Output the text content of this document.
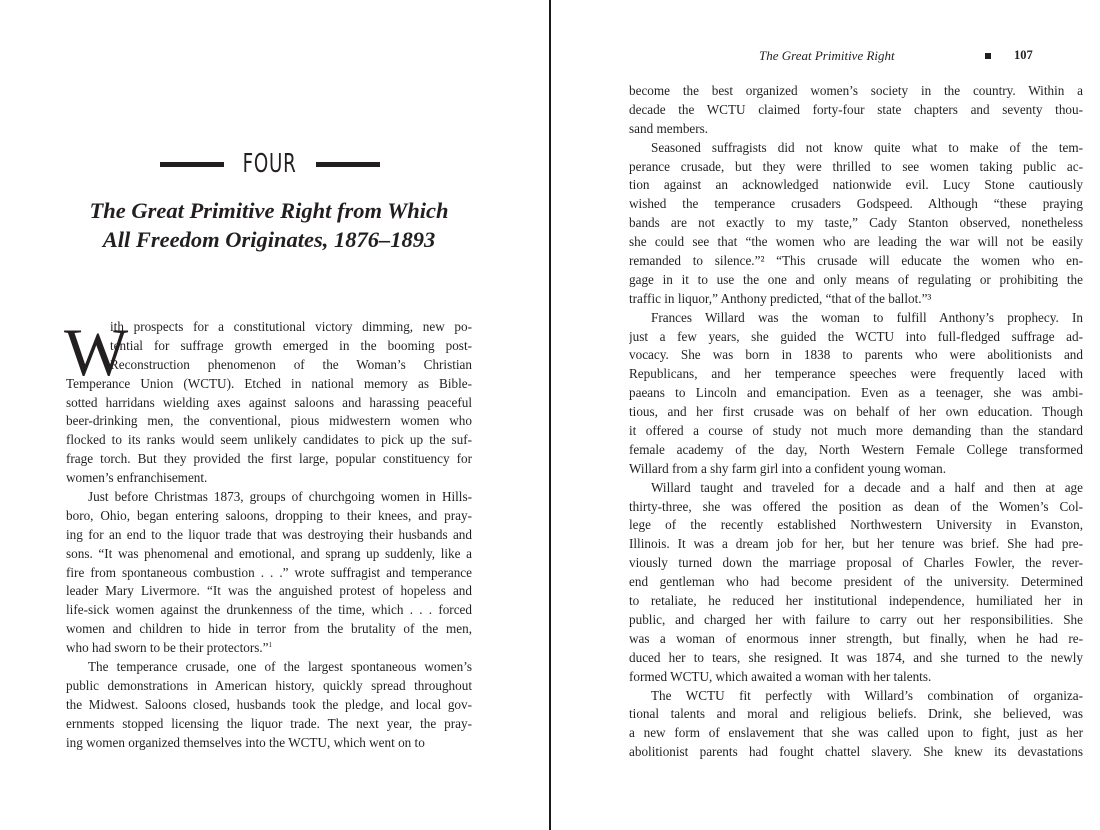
FOUR
The Great Primitive Right from Which
All Freedom Originates, 1876–1893
W
ith prospects for a constitutional victory dimming, new po-
tential for suffrage growth emerged in the booming post-
Reconstruction phenomenon of the Woman’s Christian
Temperance Union (WCTU). Etched in national memory as Bible-
sotted harridans wielding axes against saloons and harassing peaceful
beer-drinking men, the conventional, pious midwestern women who
flocked to its ranks would seem unlikely candidates to pick up the suf-
frage torch. But they provided the first large, popular constituency for
women’s enfranchisement.
Just before Christmas 1873, groups of churchgoing women in Hills-
boro, Ohio, began entering saloons, dropping to their knees, and pray-
ing for an end to the liquor trade that was destroying their husbands and
sons. “It was phenomenal and emotional, and sprang up suddenly, like a
fire from spontaneous combustion . . .” wrote suffragist and temperance
leader Mary Livermore. “It was the anguished protest of hopeless and
life-sick women against the drunkenness of the time, which . . . forced
women and children to hide in terror from the brutality of the men,
who had sworn to be their protectors.”$^1$
The temperance crusade, one of the largest spontaneous women’s
public demonstrations in American history, quickly spread throughout
the Midwest. Saloons closed, husbands took the pledge, and local gov-
ernments stopped licensing the liquor trade. The next year, the pray-
ing women organized themselves into the WCTU, which went on to
The Great Primitive Right	107
become the best organized women’s society in the country. Within a
decade the WCTU claimed forty-four state chapters and seventy thou-
sand members.
Seasoned suffragists did not know quite what to make of the tem-
perance crusade, but they were thrilled to see women taking public ac-
tion against an acknowledged nationwide evil. Lucy Stone cautiously
wished the temperance crusaders Godspeed. Although “these praying
bands are not exactly to my taste,” Cady Stanton observed, nonetheless
she could see that “the women who are leading the war will not be easily
remanded to silence.”² “This crusade will educate the women who en-
gage in it to use the one and only means of regulating or prohibiting the
traffic in liquor,” Anthony predicted, “that of the ballot.”³
Frances Willard was the woman to fulfill Anthony’s prophecy. In
just a few years, she guided the WCTU into full-fledged suffrage ad-
vocacy. She was born in 1838 to parents who were abolitionists and
Republicans, and her temperance speeches were frequently laced with
paeans to Lincoln and emancipation. Even as a teenager, she was ambi-
tious, and her first crusade was on behalf of her own education. Though
it offered a course of study not much more demanding than the standard
female academy of the day, North Western Female College transformed
Willard from a shy farm girl into a confident young woman.
Willard taught and traveled for a decade and a half and then at age
thirty-three, she was offered the position as dean of the Women’s Col-
lege of the recently established Northwestern University in Evanston,
Illinois. It was a dream job for her, but her tenure was brief. She had pre-
viously turned down the marriage proposal of Charles Fowler, the rever-
end gentleman who had become president of the university. Determined
to retaliate, he reduced her institutional independence, humiliated her in
public, and charged her with failure to carry out her responsibilities. She
was a woman of enormous inner strength, but finally, when he had re-
duced her to tears, she resigned. It was 1874, and she turned to the newly
formed WCTU, which awaited a woman with her talents.
The WCTU fit perfectly with Willard’s combination of organiza-
tional talents and moral and religious beliefs. Drink, she believed, was
a new form of enslavement that she was called upon to fight, just as her
abolitionist parents had fought chattel slavery. She knew its devastations
